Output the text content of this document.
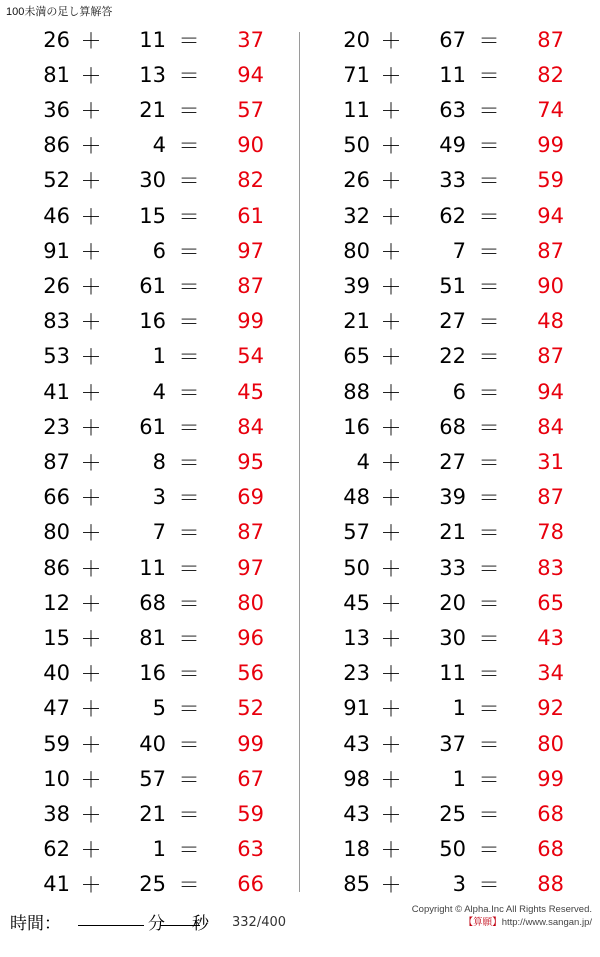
100未満の足し算解答
26 ＋	11 ＝	37
81 ＋	13 ＝	94
36 ＋	21 ＝	57
86 ＋	4 ＝	90
52 ＋	30 ＝	82
46 ＋	15 ＝	61
91 ＋	6 ＝	97
26 ＋	61 ＝	87
83 ＋	16 ＝	99
53 ＋	1 ＝	54
41 ＋	4 ＝	45
23 ＋	61 ＝	84
87 ＋	8 ＝	95
66 ＋	3 ＝	69
80 ＋	7 ＝	87
86 ＋	11 ＝	97
12 ＋	68 ＝	80
15 ＋	81 ＝	96
40 ＋	16 ＝	56
47 ＋	5 ＝	52
59 ＋	40 ＝	99
10 ＋	57 ＝	67
38 ＋	21 ＝	59
62 ＋	1 ＝	63
41 ＋	25 ＝	66
20 ＋	67 ＝	87
71 ＋	11 ＝	82
11 ＋	63 ＝	74
50 ＋	49 ＝	99
26 ＋	33 ＝	59
32 ＋	62 ＝	94
80 ＋	7 ＝	87
39 ＋	51 ＝	90
21 ＋	27 ＝	48
65 ＋	22 ＝	87
88 ＋	6 ＝	94
16 ＋	68 ＝	84
4 ＋	27 ＝	31
48 ＋	39 ＝	87
57 ＋	21 ＝	78
50 ＋	33 ＝	83
45 ＋	20 ＝	65
13 ＋	30 ＝	43
23 ＋	11 ＝	34
91 ＋	1 ＝	92
43 ＋	37 ＝	80
98 ＋	1 ＝	99
43 ＋	25 ＝	68
18 ＋	50 ＝	68
85 ＋	3 ＝	88
時間：	分 秒 332/400
Copyright © Alpha.Inc All Rights Reserved.
【算願】http://www.sangan.jp/
